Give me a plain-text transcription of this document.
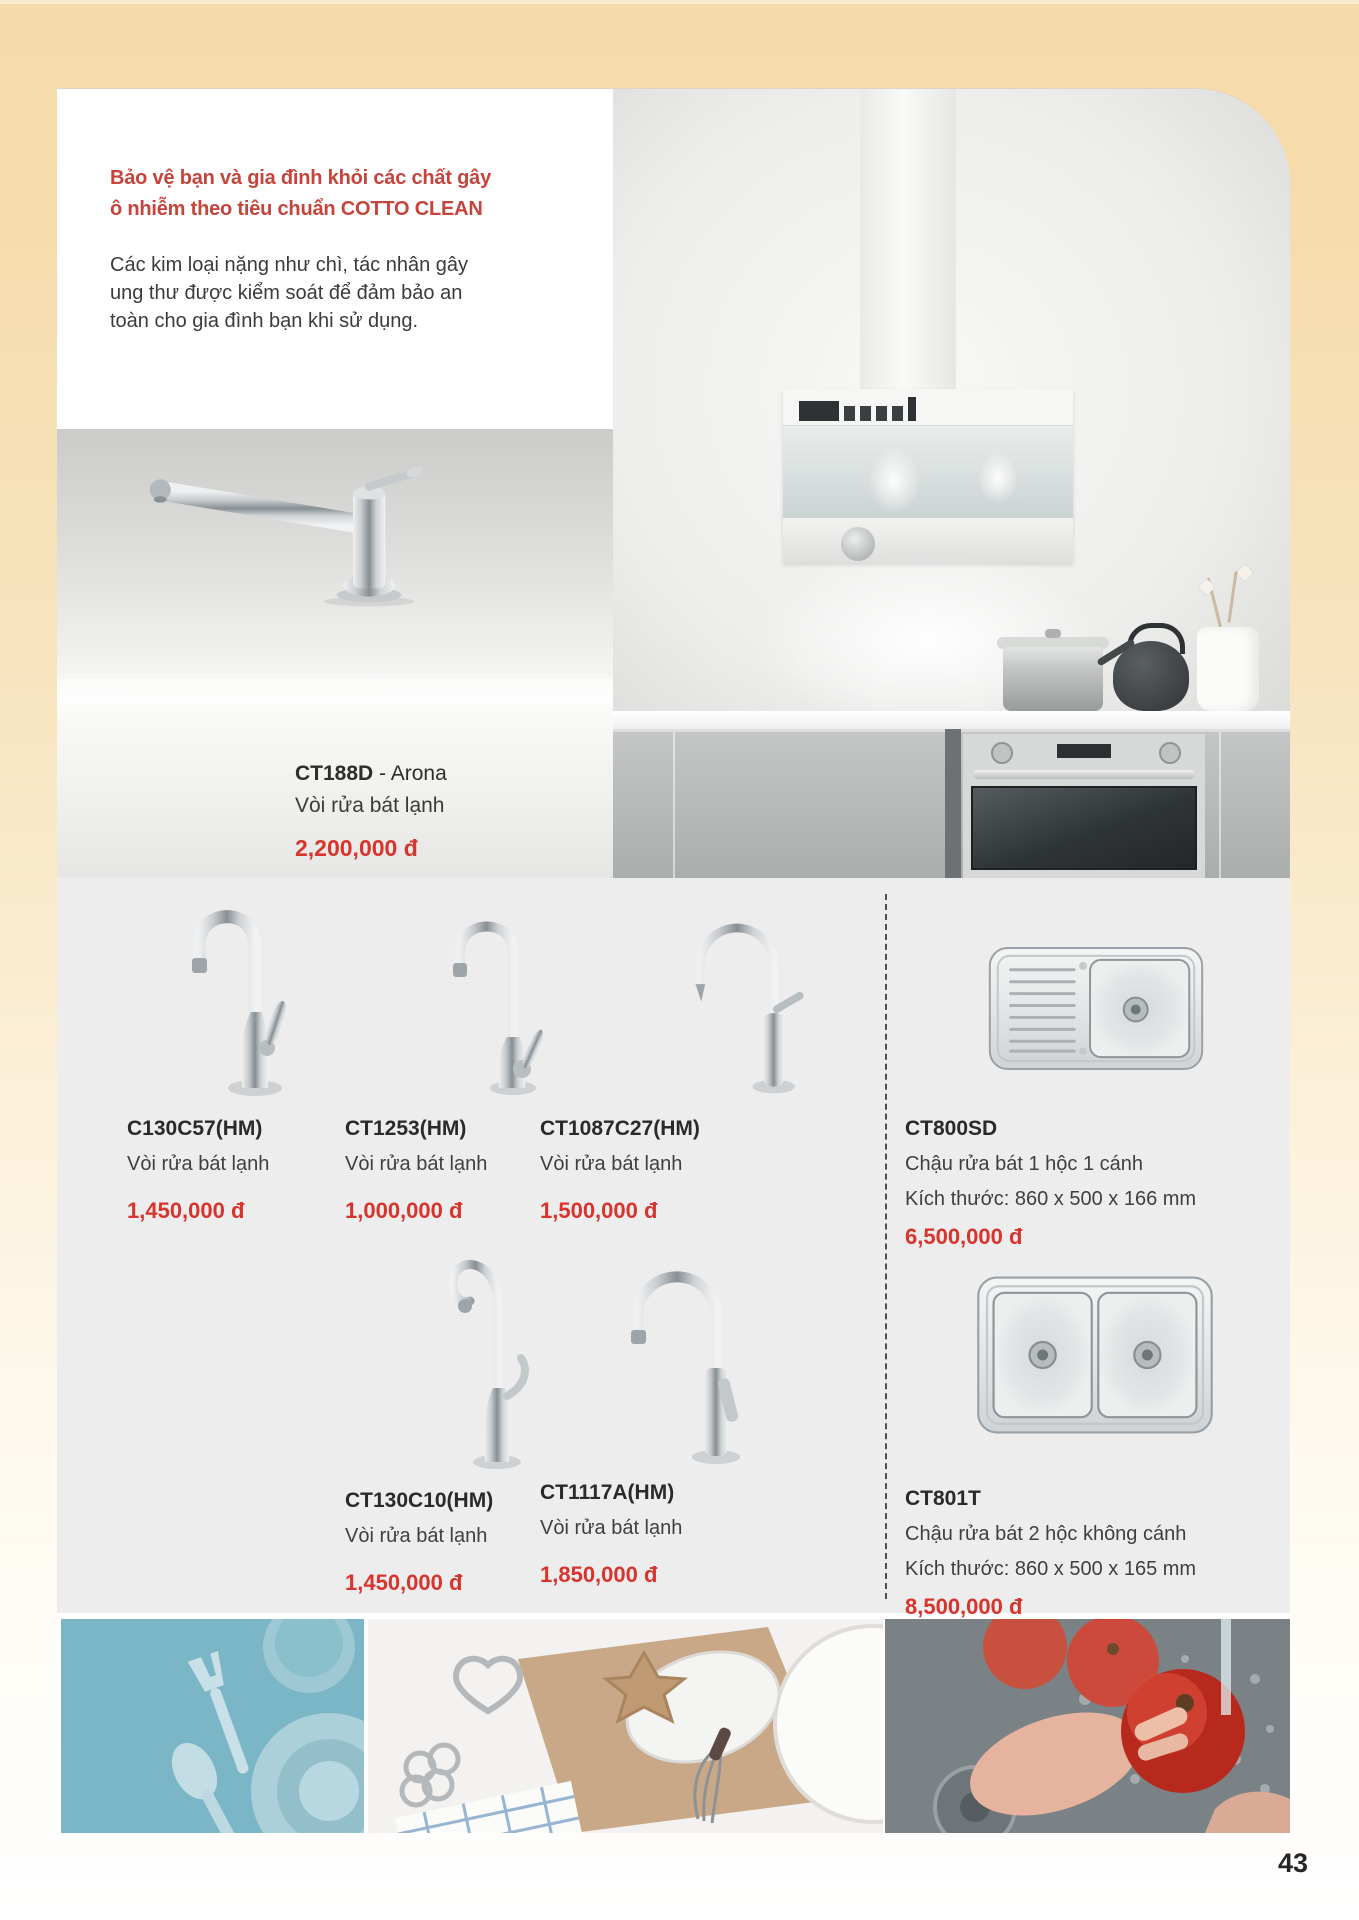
Bảo vệ bạn và gia đình khỏi các chất gây
ô nhiễm theo tiêu chuẩn COTTO CLEAN

Các kim loại nặng như chì, tác nhân gây ung thư được kiểm soát để đảm bảo an toàn cho gia đình bạn khi sử dụng.

CT188D - Arona
Vòi rửa bát lạnh
2,200,000 đ
C130C57(HM)
Vòi rửa bát lạnh
1,450,000 đ
CT1253(HM)
Vòi rửa bát lạnh
1,000,000 đ
CT1087C27(HM)
Vòi rửa bát lạnh
1,500,000 đ
CT800SD
Chậu rửa bát 1 hộc 1 cánh
Kích thước: 860 x 500 x 166 mm
6,500,000 đ
CT130C10(HM)
Vòi rửa bát lạnh
1,450,000 đ
CT1117A(HM)
Vòi rửa bát lạnh
1,850,000 đ
CT801T
Chậu rửa bát 2 hộc không cánh
Kích thước: 860 x 500 x 165 mm
8,500,000 đ
43
